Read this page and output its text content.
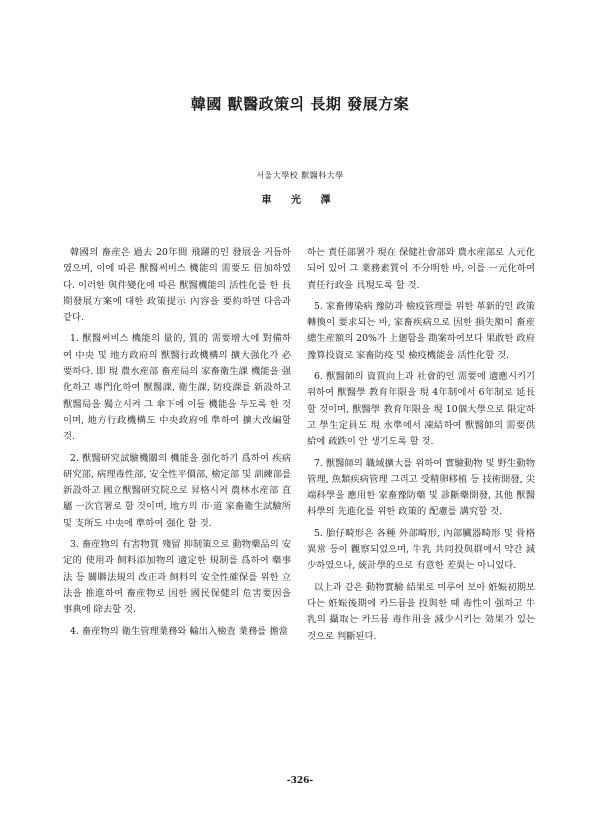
韓國 獸醫政策의 長期 發展方案
서울大學校 獸醫科大學
車 光 澤

韓國의 畜産은 過去 20年間 飛躍的인 發展을 거듭하였으며, 이에 따른 獸醫써비스 機能의 需要도 倍加하였다. 이러한 與件變化에 따른 獸醫機能의 活性化를 한 長期發展方案에 대한 政策提示 內容을 要約하면 다음과 같다.

1. 獸醫써비스 機能의 量的, 質的 需要增大에 對備하여 中央 및 地方政府의 獸醫行政機構의 擴大强化가 必要하다. 即 現 農水産部 畜産局의 家畜衛生課 機能을 强化하고 專門化하여 獸醫課, 衛生課, 防疫課를 新設하고 獸醫局을 獨立시켜 그 傘下에 이들 機能을 두도록 한 것이며, 地方行政機構도 中央政府에 準하여 擴大改編할 것.

2. 獸醫研究試驗機關의 機能을 强化하기 爲하여 疾病研究部, 病理毒性部, 安全性平價部, 檢定部 및 訓練部를 新設하고 國立獸醫研究院으로 昇格시켜 農林水産部 直屬 一次官署로 할 것이며, 地方의 市·道 家畜衛生試驗所 및 支所도 中央에 準하여 强化 할 것.

3. 畜産物의 有害物質 殘留 抑制策으로 動物藥品의 安定的 使用과 飼料添加物의 適定한 規制를 爲하여 藥事法 등 關聯法規의 改正과 飼料의 安全性確保를 위한 立法을 推進하여 畜産物로 因한 國民保健의 危害要因을 事典에 除去할 것.

4. 畜産物의 衛生管理業務와 輸出入檢査 業務를 擔當

하는 責任部署가 現在 保健社會部와 農水産部로 人元化되어 있어 그 業務素質이 不分明한 바, 이를 一元化하여 責任行政을 具現도록 할 것.

5. 家畜傳染病 豫防과 檢疫管理를 위한 革新的인 政策轉換이 要求되는 바, 家畜疾病으로 因한 損失額이 畜産總生産額의 20%가 上廻함을 勘案하여보다 果敢한 政府豫算投資로 家畜防疫 및 檢疫機能을 活性化할 것.

6. 獸醫師의 資質向上과 社會的인 需要에 適應시키기 위하여 獸醫學 教育年限을 現 4年制에서 6年制로 延長할 것이며, 獸醫學 教育年限을 現 10個大學으로 限定하고 學生定員도 現 水準에서 凍結하여 獸醫師의 需要供給에 疏跌이 안 생기도록 할 것.

7. 獸醫師의 職域擴大를 위하여 實驗動物 및 野生動物管理, 魚類疾病管理 그리고 受精卵移植 등 技術開發, 尖端科學을 應用한 家畜豫防藥 및 診斷藥開發, 其他 獸醫科學의 先進化를 위한 政策的 配慮를 講究할 것.

5. 胎仔畸形은 各種 外部畸形, 內部臟器畸形 및 骨格異常 등이 觀察되었으며, 牛乳 共同投與群에서 약간 減少하였으나, 統計學的으로 有意한 差異는 아니었다.

以上과 같은 動物實驗 結果로 미루어 보아 姙娠初期보다는 姙娠後期에 카드뮴을 投與한 때 毒性이 强하고 牛乳의 攝取는 카드뮴 毒作用을 減少시키는 効果가 있는 것으로 判斷된다.

-326-
